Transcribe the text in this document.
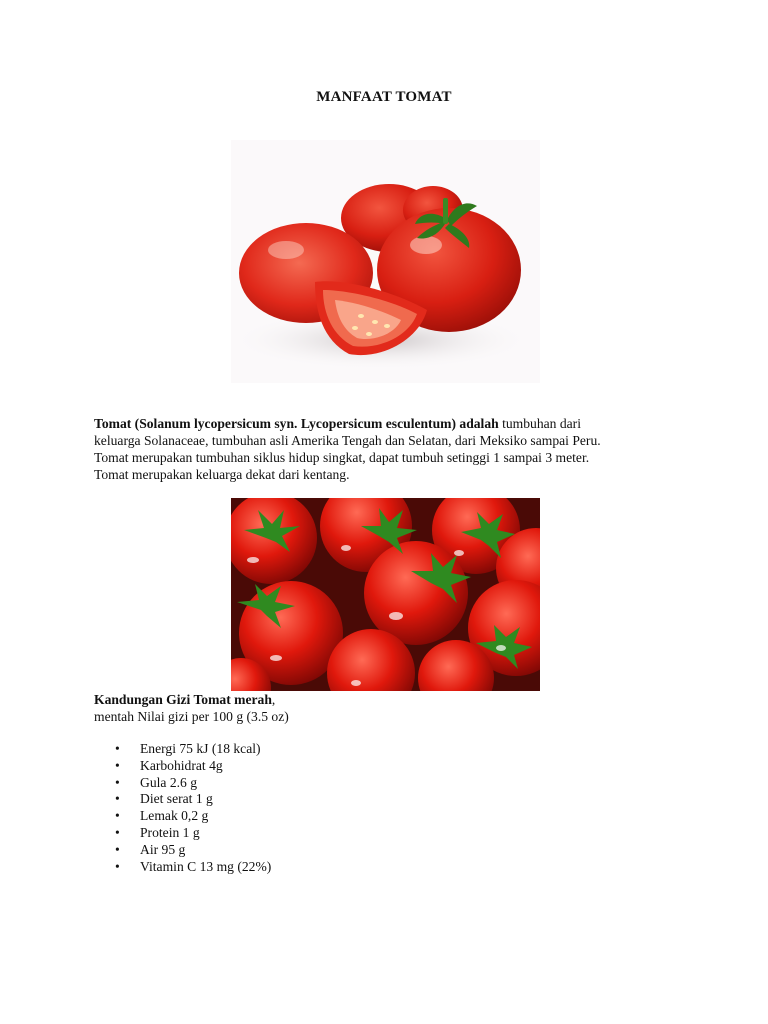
MANFAAT TOMAT
Tomat (Solanum lycopersicum syn. Lycopersicum esculentum) adalah tumbuhan dari
keluarga Solanaceae, tumbuhan asli Amerika Tengah dan Selatan, dari Meksiko sampai Peru.
Tomat merupakan tumbuhan siklus hidup singkat, dapat tumbuh setinggi 1 sampai 3 meter.
Tomat merupakan keluarga dekat dari kentang.
Kandungan Gizi Tomat merah,
mentah Nilai gizi per 100 g (3.5 oz)
• Energi 75 kJ (18 kcal)
• Karbohidrat 4g
• Gula 2.6 g
• Diet serat 1 g
• Lemak 0,2 g
• Protein 1 g
• Air 95 g
• Vitamin C 13 mg (22%)
